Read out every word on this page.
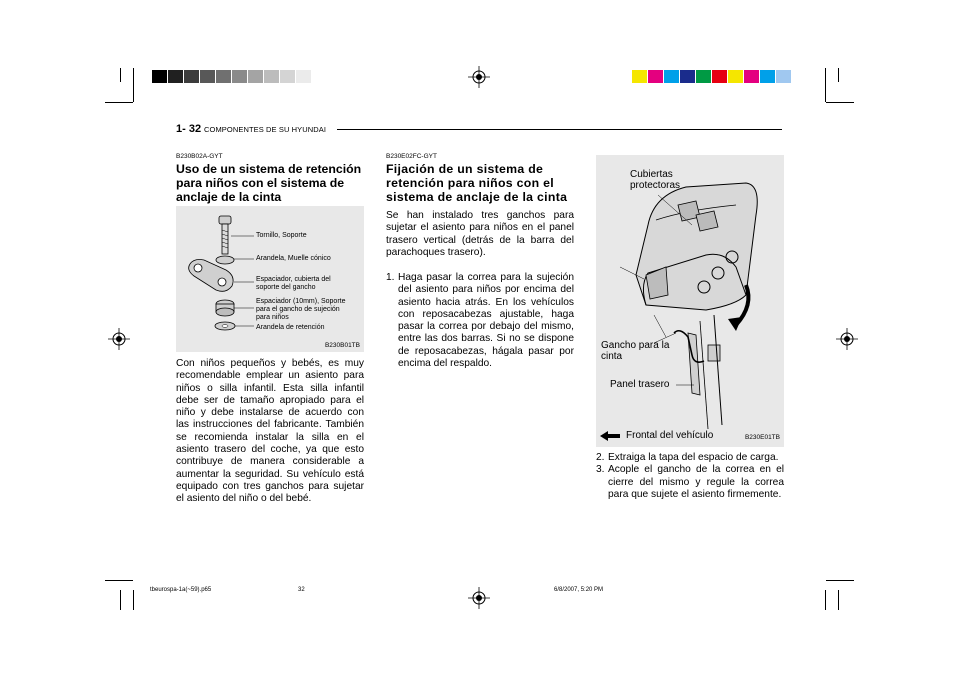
1- 32 COMPONENTES DE SU HYUNDAI
B230B02A-GYT
Uso de un sistema de retención para niños con el sistema de anclaje de la cinta
Tornillo, Soporte
Arandela, Muelle cónico
Espaciador, cubierta del soporte del gancho
Espaciador (10mm), Soporte para el gancho de sujeción para niños
Arandela de retención
B230B01TB

Con niños pequeños y bebés, es muy recomendable emplear un asiento para niños o silla infantil. Esta silla infantil debe ser de tamaño apropiado para el niño y debe instalarse de acuerdo con las instrucciones del fabricante. También se recomienda instalar la silla en el asiento trasero del coche, ya que esto contribuye de manera considerable a aumentar la seguridad. Su vehículo está equipado con tres ganchos para sujetar el asiento del niño o del bebé.

B230E02FC-GYT
Fijación de un sistema de retención para niños con el sistema de anclaje de la cinta

Se han instalado tres ganchos para sujetar el asiento para niños en el panel trasero vertical (detrás de la barra del parachoques trasero).

1. Haga pasar la correa para la sujeción del asiento para niños por encima del asiento hacia atrás. En los vehículos con reposacabezas ajustable, haga pasar la correa por debajo del mismo, entre las dos barras. Si no se dispone de reposacabezas, hágala pasar por encima del respaldo.
Cubiertas protectoras
Gancho para la cinta
Panel trasero
Frontal del vehículo	B230E01TB
2. Extraiga la tapa del espacio de carga.
3. Acople el gancho de la correa en el cierre del mismo y regule la correa para que sujete el asiento firmemente.
tbeurospa-1a(~59).p65	32	6/8/2007, 5:20 PM
